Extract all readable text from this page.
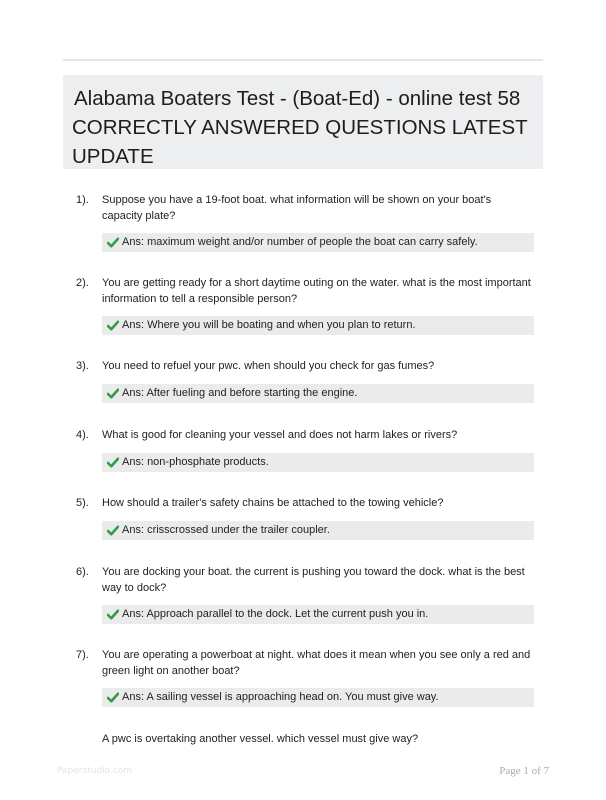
Alabama Boaters Test - (Boat-Ed) - online test 58
CORRECTLY ANSWERED QUESTIONS LATEST
UPDATE
1). Suppose you have a 19-foot boat. what information will be shown on your boat's capacity plate?
Ans: maximum weight and/or number of people the boat can carry safely.
2). You are getting ready for a short daytime outing on the water. what is the most important information to tell a responsible person?
Ans: Where you will be boating and when you plan to return.
3). You need to refuel your pwc. when should you check for gas fumes?
Ans: After fueling and before starting the engine.
4). What is good for cleaning your vessel and does not harm lakes or rivers?
Ans: non-phosphate products.
5). How should a trailer's safety chains be attached to the towing vehicle?
Ans: crisscrossed under the trailer coupler.
6). You are docking your boat. the current is pushing you toward the dock. what is the best way to dock?
Ans: Approach parallel to the dock. Let the current push you in.
7). You are operating a powerboat at night. what does it mean when you see only a red and green light on another boat?
Ans: A sailing vessel is approaching head on. You must give way.
A pwc is overtaking another vessel. which vessel must give way?
Paperstudio.com	Page 1 of 7
